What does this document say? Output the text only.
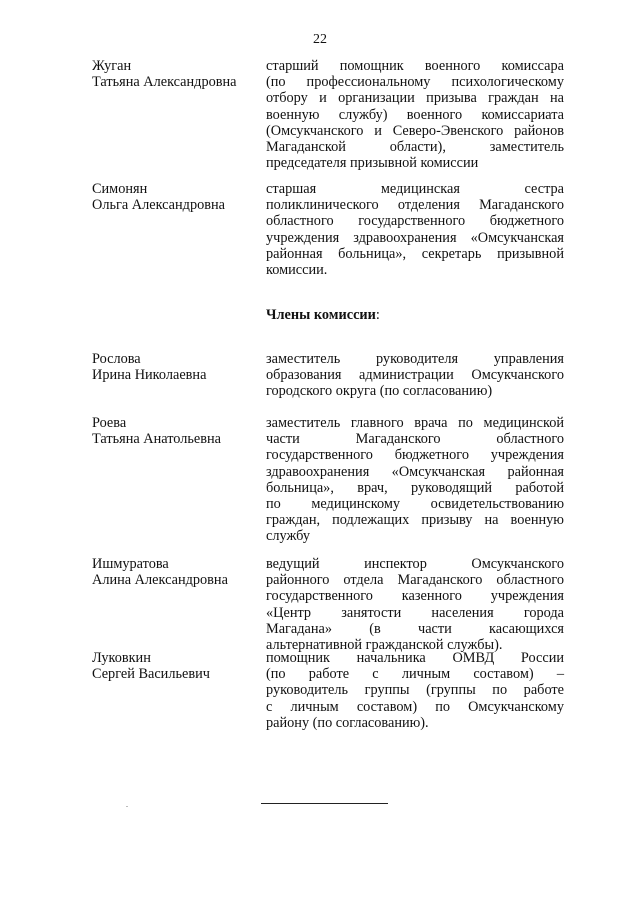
22
Жуган
Татьяна Александровна
старший помощник военного комиссара
(по профессиональному психологическому
отбору и организации призыва граждан на
военную службу) военного комиссариата
(Омсукчанского и Северо-Эвенского районов
Магаданской области), заместитель
председателя призывной комиссии
Симонян
Ольга Александровна
старшая медицинская сестра
поликлинического отделения Магаданского
областного государственного бюджетного
учреждения здравоохранения «Омсукчанская
районная больница», секретарь призывной
комиссии.
Члены комиссии:
Рослова
Ирина Николаевна
заместитель руководителя управления
образования администрации Омсукчанского
городского округа (по согласованию)
Роева
Татьяна Анатольевна
заместитель главного врача по медицинской
части Магаданского областного
государственного бюджетного учреждения
здравоохранения «Омсукчанская районная
больница», врач, руководящий работой
по медицинскому освидетельствованию
граждан, подлежащих призыву на военную
службу
Ишмуратова
Алина Александровна
ведущий инспектор Омсукчанского
районного отдела Магаданского областного
государственного казенного учреждения
«Центр занятости населения города
Магадана» (в части касающихся
альтернативной гражданской службы).
Луковкин
Сергей Васильевич
помощник начальника ОМВД России
(по работе с личным составом) –
руководитель группы (группы по работе
с личным составом) по Омсукчанскому
району (по согласованию).
